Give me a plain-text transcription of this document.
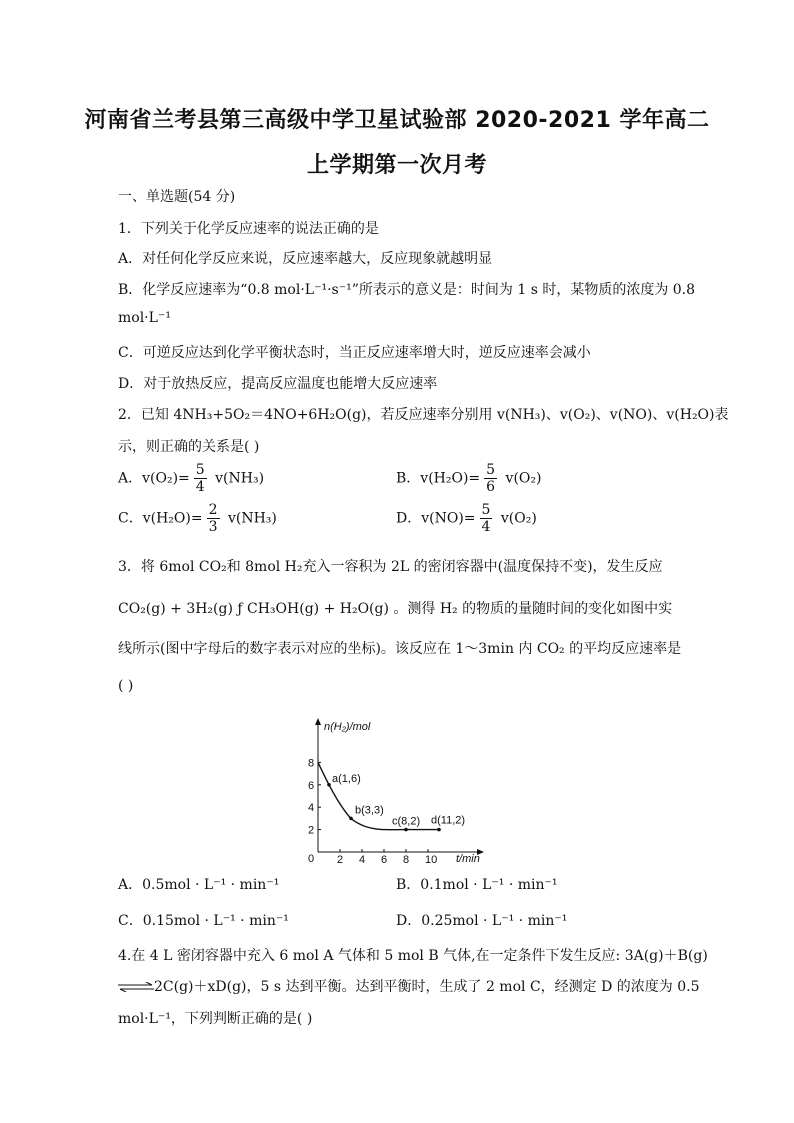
河南省兰考县第三高级中学卫星试验部 2020-2021 学年高二
上学期第一次月考
一、单选题(54 分)
1．下列关于化学反应速率的说法正确的是
A．对任何化学反应来说，反应速率越大，反应现象就越明显
B．化学反应速率为“0.8 mol·L⁻¹·s⁻¹”所表示的意义是：时间为 1 s 时，某物质的浓度为 0.8
mol·L⁻¹
C．可逆反应达到化学平衡状态时，当正反应速率增大时，逆反应速率会减小
D．对于放热反应，提高反应温度也能增大反应速率
2．已知 4NH₃+5O₂＝4NO+6H₂O(g)，若反应速率分别用 v(NH₃)、v(O₂)、v(NO)、v(H₂O)表
示，则正确的关系是( )
A．$v(O_2)= \frac{5}{4} v(NH_3)$	B．$v(H_2O)= \frac{5}{6} v(O_2)$
C．$v(H_2O)= \frac{2}{3} v(NH_3)$	D．$v(NO)= \frac{5}{4} v(O_2)$
3．将 6mol CO₂和 8mol H₂充入一容积为 2L 的密闭容器中(温度保持不变)，发生反应
CO₂(g) + 3H₂(g) ƒ CH₃OH(g) + H₂O(g) 。测得 H₂ 的物质的量随时间的变化如图中实
线所示(图中字母后的数字表示对应的坐标)。该反应在 1～3min 内 CO₂ 的平均反应速率是
( )
n(H₂)/mol
t/min
0 2 4 6 8 10
2
4
6
8
a(1,6)
b(3,3)
c(8,2) d(11,2)
A．0.5mol · L⁻¹ · min⁻¹	B．0.1mol · L⁻¹ · min⁻¹
C．0.15mol · L⁻¹ · min⁻¹	D．0.25mol · L⁻¹ · min⁻¹
4.在 4 L 密闭容器中充入 6 mol A 气体和 5 mol B 气体,在一定条件下发生反应: 3A(g)＋B(g)
⇌2C(g)＋xD(g)，5 s 达到平衡。达到平衡时，生成了 2 mol C，经测定 D 的浓度为 0.5
mol·L⁻¹，下列判断正确的是( )
